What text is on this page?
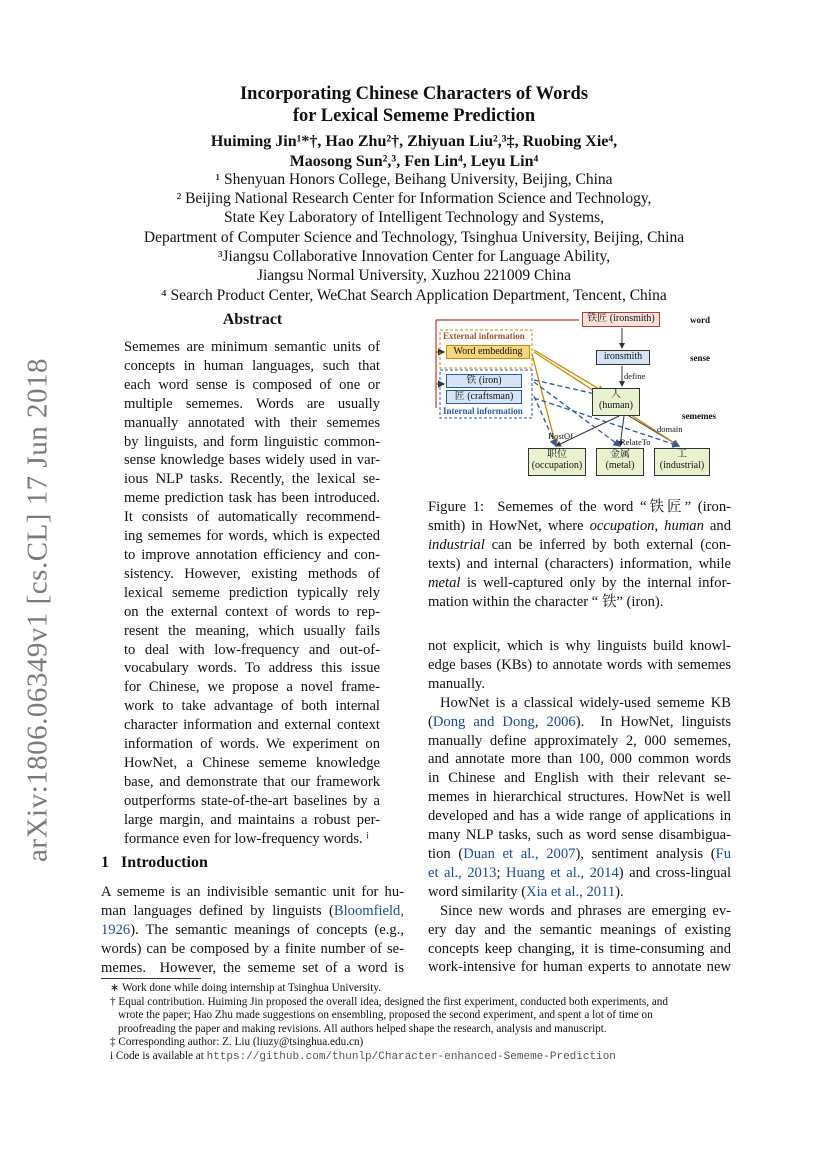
arXiv:1806.06349v1 [cs.CL] 17 Jun 2018
Incorporating Chinese Characters of Words
for Lexical Sememe Prediction
Huiming Jin¹*†, Hao Zhu²†, Zhiyuan Liu²,³‡, Ruobing Xie⁴,
Maosong Sun²,³, Fen Lin⁴, Leyu Lin⁴
¹ Shenyuan Honors College, Beihang University, Beijing, China
² Beijing National Research Center for Information Science and Technology,
State Key Laboratory of Intelligent Technology and Systems,
Department of Computer Science and Technology, Tsinghua University, Beijing, China
³Jiangsu Collaborative Innovation Center for Language Ability,
Jiangsu Normal University, Xuzhou 221009 China
⁴ Search Product Center, WeChat Search Application Department, Tencent, China
Abstract
Sememes are minimum semantic units of
concepts in human languages, such that
each word sense is composed of one or
multiple sememes. Words are usually
manually annotated with their sememes
by linguists, and form linguistic common-
sense knowledge bases widely used in var-
ious NLP tasks. Recently, the lexical se-
meme prediction task has been introduced.
It consists of automatically recommend-
ing sememes for words, which is expected
to improve annotation efficiency and con-
sistency. However, existing methods of
lexical sememe prediction typically rely
on the external context of words to rep-
resent the meaning, which usually fails
to deal with low-frequency and out-of-
vocabulary words. To address this issue
for Chinese, we propose a novel frame-
work to take advantage of both internal
character information and external context
information of words. We experiment on
HowNet, a Chinese sememe knowledge
base, and demonstrate that our framework
outperforms state-of-the-art baselines by a
large margin, and maintains a robust per-
formance even for low-frequency words. ⁱ
1 Introduction
A sememe is an indivisible semantic unit for hu-
man languages defined by linguists (Bloomfield,
1926). The semantic meanings of concepts (e.g.,
words) can be composed by a finite number of se-
memes.  However, the sememe set of a word is
铁匠 (ironsmith)	word
ironsmith	sense
人
(human)
sememes
职位
(occupation)
金属
(metal)
工
(industrial)
External information
Word embedding
铁 (iron)
匠 (craftsman)
Internal information
define
domain
HostOf
RelateTo
Figure 1:  Sememes of the word “铁匠” (iron-
smith) in HowNet, where occupation, human and
industrial can be inferred by both external (con-
texts) and internal (characters) information, while
metal is well-captured only by the internal infor-
mation within the character “ 铁” (iron).
not explicit, which is why linguists build knowl-
edge bases (KBs) to annotate words with sememes
manually.
HowNet is a classical widely-used sememe KB
(Dong and Dong, 2006).  In HowNet, linguists
manually define approximately 2, 000 sememes,
and annotate more than 100, 000 common words
in Chinese and English with their relevant se-
memes in hierarchical structures. HowNet is well
developed and has a wide range of applications in
many NLP tasks, such as word sense disambigua-
tion (Duan et al., 2007), sentiment analysis (Fu
et al., 2013; Huang et al., 2014) and cross-lingual
word similarity (Xia et al., 2011).
Since new words and phrases are emerging ev-
ery day and the semantic meanings of existing
concepts keep changing, it is time-consuming and
work-intensive for human experts to annotate new
∗ Work done while doing internship at Tsinghua University.
† Equal contribution. Huiming Jin proposed the overall idea, designed the first experiment, conducted both experiments, and
wrote the paper; Hao Zhu made suggestions on ensembling, proposed the second experiment, and spent a lot of time on
proofreading the paper and making revisions. All authors helped shape the research, analysis and manuscript.
‡ Corresponding author: Z. Liu (liuzy@tsinghua.edu.cn)
i Code is available at https://github.com/thunlp/Character-enhanced-Sememe-Prediction
